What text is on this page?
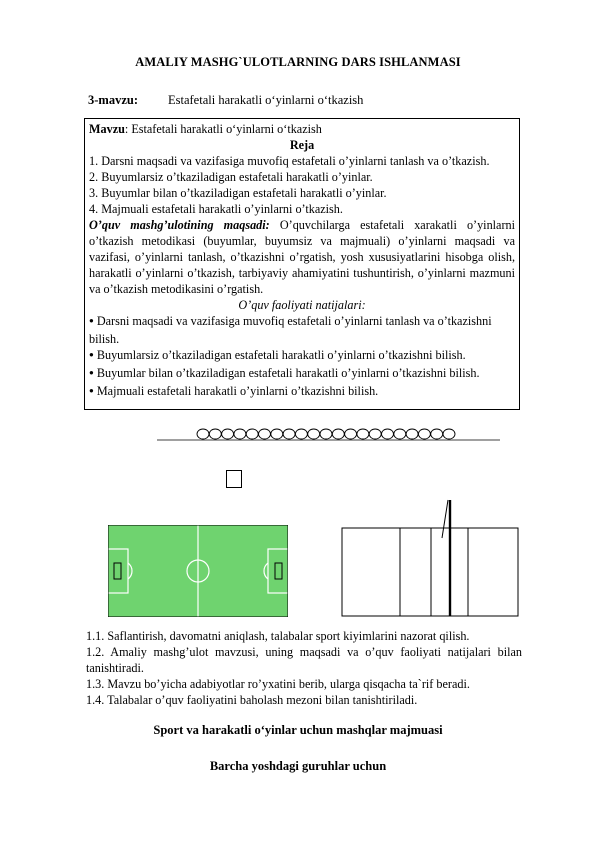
AMALIY MASHG`ULOTLARNING DARS ISHLANMASI
3-mavzu: Estafetali harakatli o‘yinlarni o‘tkazish

Mavzu: Estafetali harakatli o‘yinlarni o‘tkazish

Reja

1. Darsni maqsadi va vazifasiga muvofiq estafetali o’yinlarni tanlash va o’tkazish.

2. Buyumlarsiz o’tkaziladigan estafetali harakatli o’yinlar.

3. Buyumlar bilan o’tkaziladigan estafetali harakatli o’yinlar.

4. Majmuali estafetali harakatli o’yinlarni o’tkazish.

O’quv mashg’ulotining maqsadi: O’quvchilarga estafetali xarakatli o’yinlarni o’tkazish metodikasi (buyumlar, buyumsiz va majmuali) o’yinlarni maqsadi va vazifasi, o’yinlarni tanlash, o’tkazishni o’rgatish, yosh xususiyatlarini hisobga olish, harakatli o’yinlarni o’tkazish, tarbiyaviy ahamiyatini tushuntirish, o’yinlarni mazmuni va o’tkazish metodikasini o’rgatish.

O’quv faoliyati natijalari:

● Darsni maqsadi va vazifasiga muvofiq estafetali o’yinlarni tanlash va o’tkazishni bilish.

● Buyumlarsiz o’tkaziladigan estafetali harakatli o’yinlarni o’tkazishni bilish.

● Buyumlar bilan o’tkaziladigan estafetali harakatli o’yinlarni o’tkazishni bilish.

● Majmuali estafetali harakatli o’yinlarni o’tkazishni bilish.

1.1. Saflantirish, davomatni aniqlash, talabalar sport kiyimlarini nazorat qilish.

1.2. Amaliy mashg’ulot mavzusi, uning maqsadi va o’quv faoliyati natijalari bilan tanishtiradi.

1.3. Mavzu bo’yicha adabiyotlar ro’yxatini berib, ularga qisqacha ta`rif beradi.

1.4. Talabalar o’quv faoliyatini baholash mezoni bilan tanishtiriladi.

Sport va harakatli o‘yinlar uchun mashqlar majmuasi
Barcha yoshdagi guruhlar uchun
